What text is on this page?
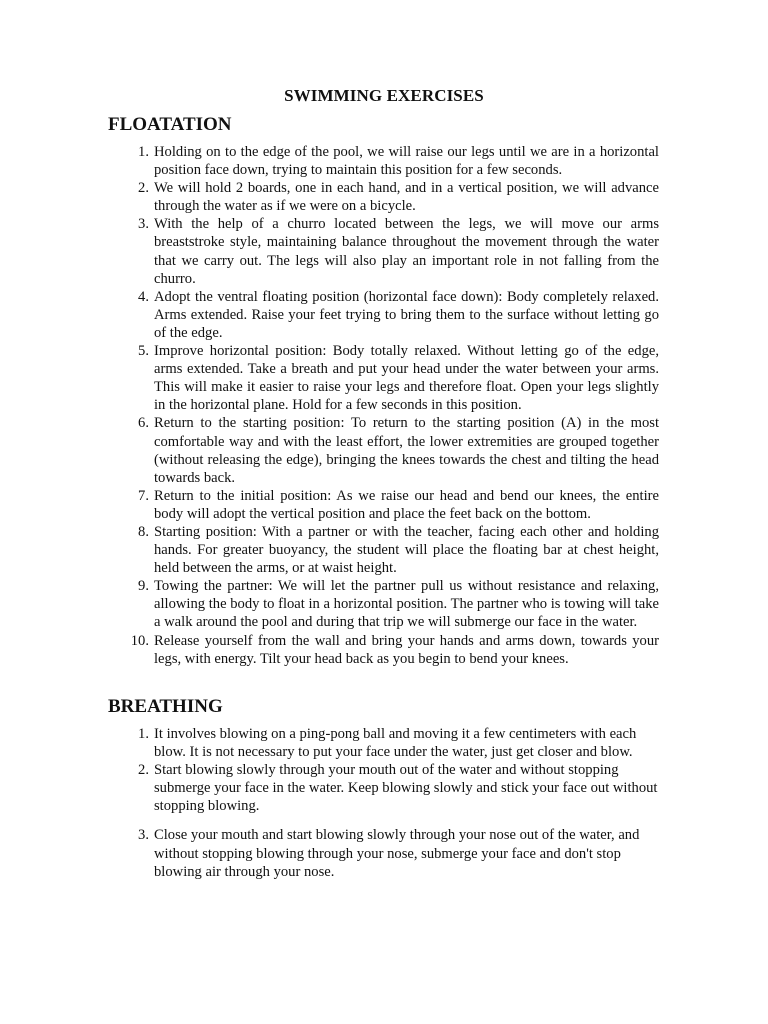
SWIMMING EXERCISES
FLOATATION
1. Holding on to the edge of the pool, we will raise our legs until we are in a horizontal position face down, trying to maintain this position for a few seconds.
2. We will hold 2 boards, one in each hand, and in a vertical position, we will advance through the water as if we were on a bicycle.
3. With the help of a churro located between the legs, we will move our arms breaststroke style, maintaining balance throughout the movement through the water that we carry out. The legs will also play an important role in not falling from the churro.
4. Adopt the ventral floating position (horizontal face down): Body completely relaxed. Arms extended. Raise your feet trying to bring them to the surface without letting go of the edge.
5. Improve horizontal position: Body totally relaxed. Without letting go of the edge, arms extended. Take a breath and put your head under the water between your arms. This will make it easier to raise your legs and therefore float. Open your legs slightly in the horizontal plane. Hold for a few seconds in this position.
6. Return to the starting position: To return to the starting position (A) in the most comfortable way and with the least effort, the lower extremities are grouped together (without releasing the edge), bringing the knees towards the chest and tilting the head towards back.
7. Return to the initial position: As we raise our head and bend our knees, the entire body will adopt the vertical position and place the feet back on the bottom.
8. Starting position: With a partner or with the teacher, facing each other and holding hands. For greater buoyancy, the student will place the floating bar at chest height, held between the arms, or at waist height.
9. Towing the partner: We will let the partner pull us without resistance and relaxing, allowing the body to float in a horizontal position. The partner who is towing will take a walk around the pool and during that trip we will submerge our face in the water.
10. Release yourself from the wall and bring your hands and arms down, towards your legs, with energy. Tilt your head back as you begin to bend your knees.
BREATHING
1. It involves blowing on a ping-pong ball and moving it a few centimeters with each blow. It is not necessary to put your face under the water, just get closer and blow.
2. Start blowing slowly through your mouth out of the water and without stopping submerge your face in the water. Keep blowing slowly and stick your face out without stopping blowing.
3. Close your mouth and start blowing slowly through your nose out of the water, and without stopping blowing through your nose, submerge your face and don't stop blowing air through your nose.
